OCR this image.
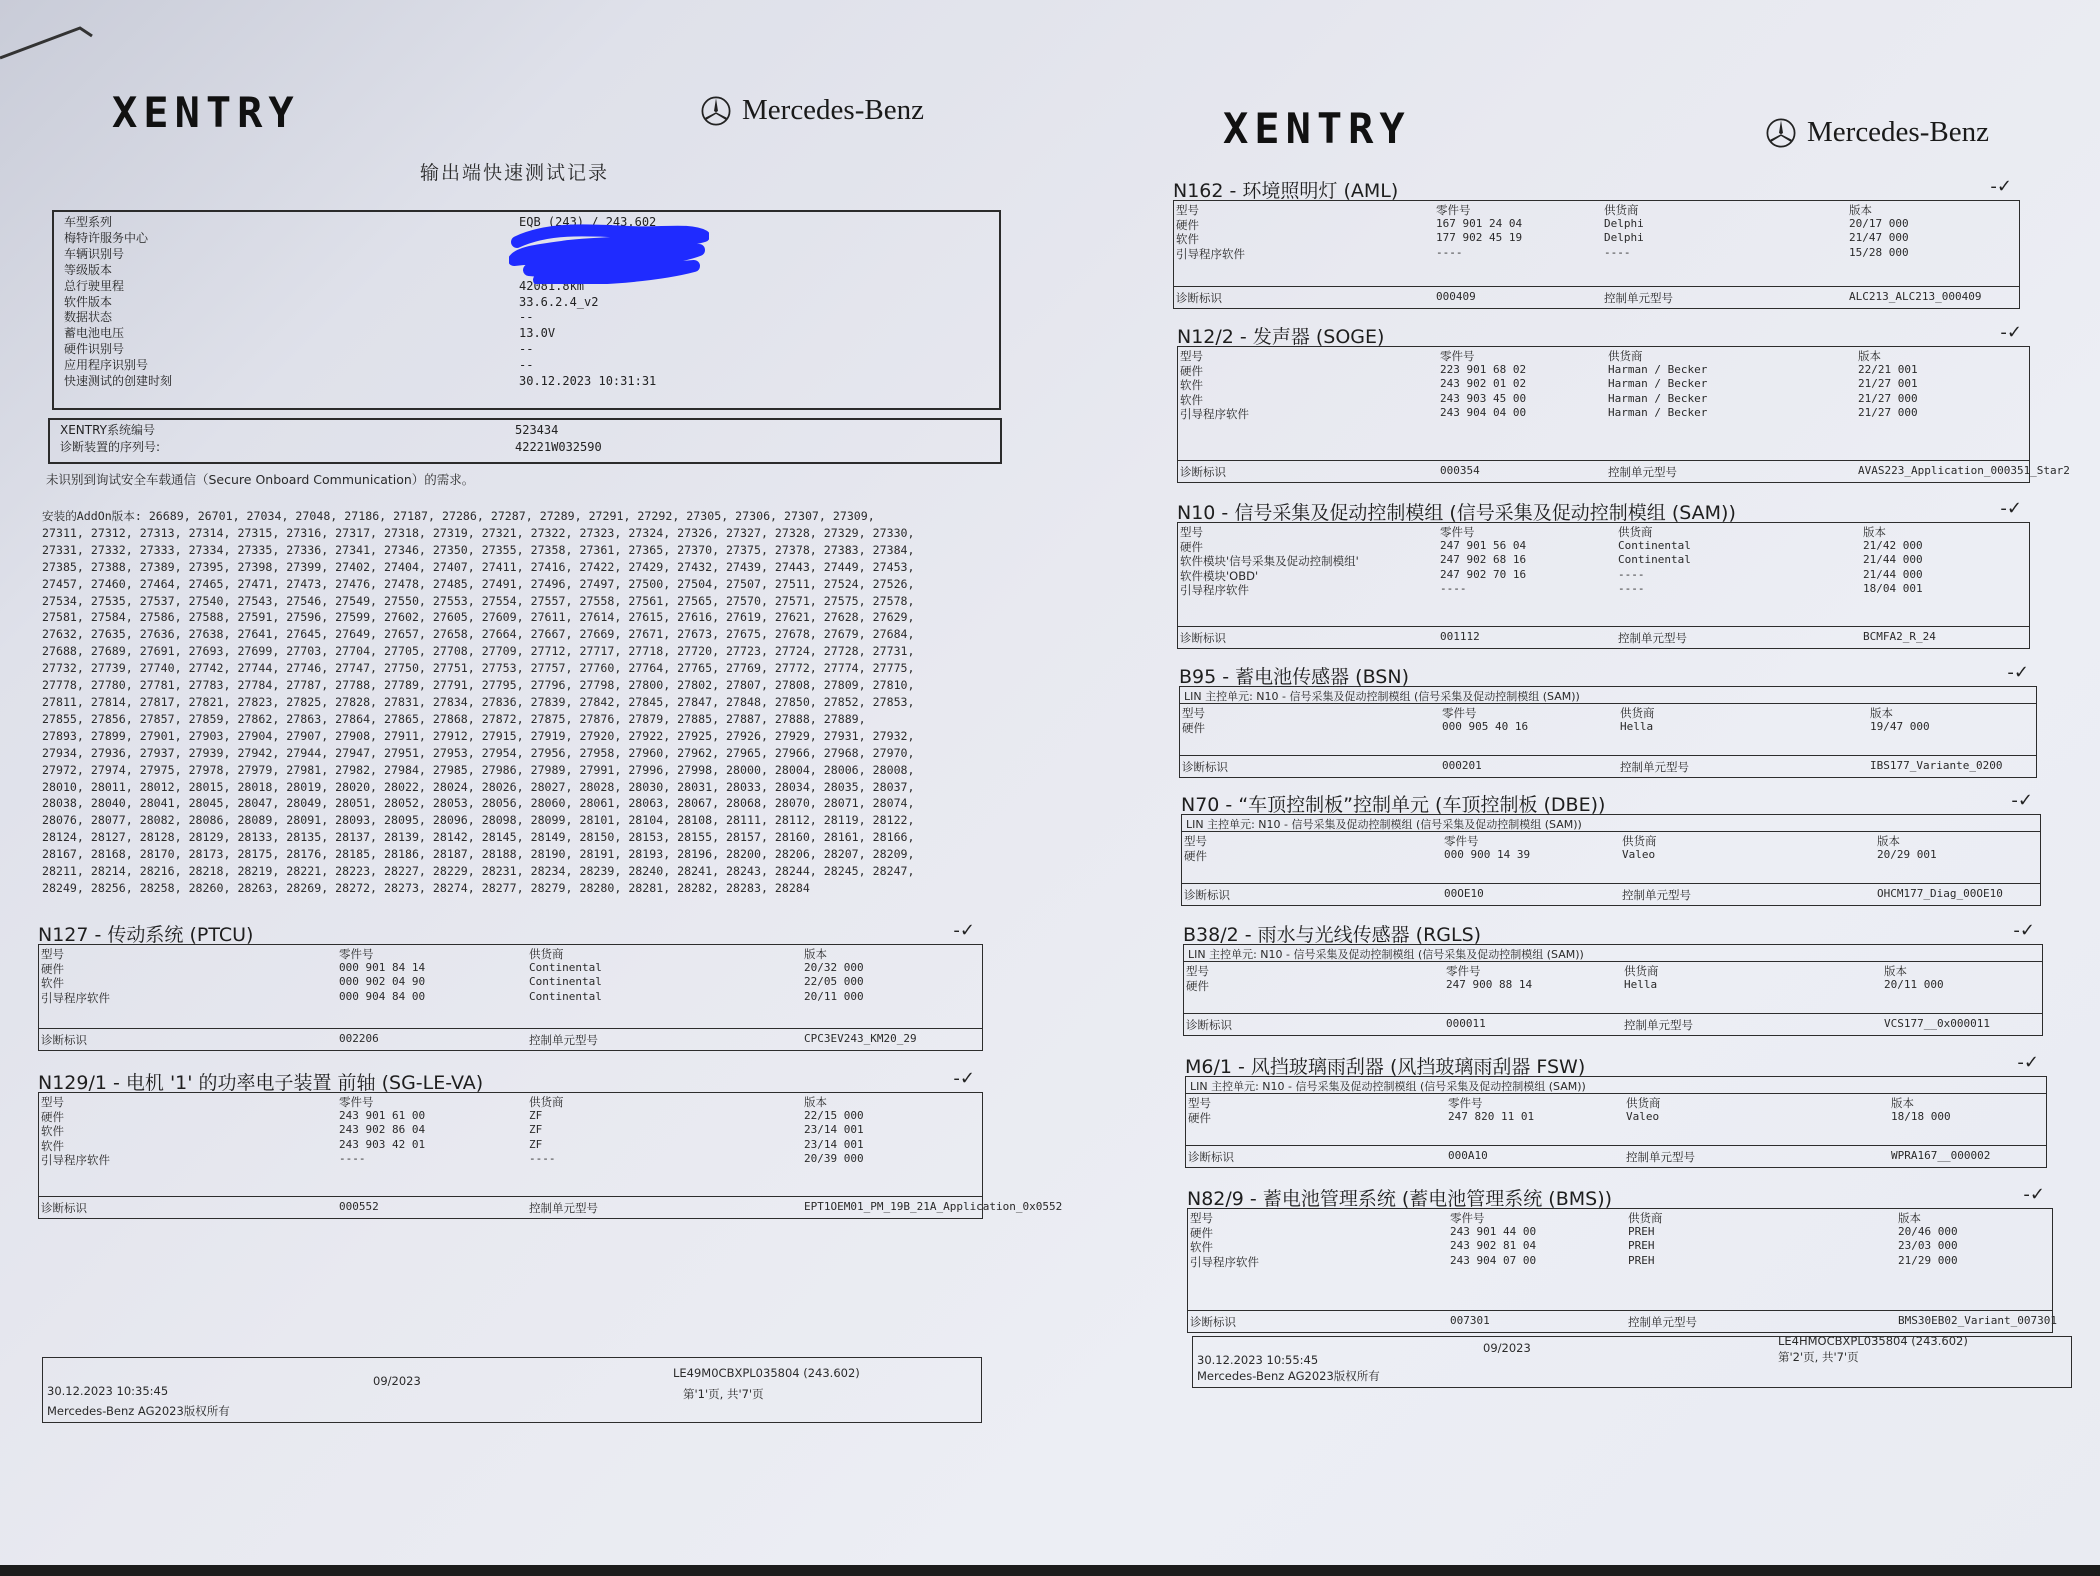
XENTRY	Mercedes-Benz
输出端快速测试记录
快速测试的创建时刻	30.12.2023 10:31:31
应用程序识别号	--
硬件识别号	--
蓄电池电压	13.0V
数据状态	--
软件版本	33.6.2.4_v2
总行驶里程	42081.8km
等级版本
车辆识别号
梅特许服务中心
车型系列	EQB (243) / 243.602
XENTRY系统编号	523434
诊断装置的序列号:	42221W032590
未识别到询试安全车载通信（Secure Onboard Communication）的需求。
安装的AddOn版本: 26689, 26701, 27034, 27048, 27186, 27187, 27286, 27287, 27289, 27291, 27292, 27305, 27306, 27307, 27309,
27311, 27312, 27313, 27314, 27315, 27316, 27317, 27318, 27319, 27321, 27322, 27323, 27324, 27326, 27327, 27328, 27329, 27330,
27331, 27332, 27333, 27334, 27335, 27336, 27341, 27346, 27350, 27355, 27358, 27361, 27365, 27370, 27375, 27378, 27383, 27384,
27385, 27388, 27389, 27395, 27398, 27399, 27402, 27404, 27407, 27411, 27416, 27422, 27429, 27432, 27439, 27443, 27449, 27453,
27457, 27460, 27464, 27465, 27471, 27473, 27476, 27478, 27485, 27491, 27496, 27497, 27500, 27504, 27507, 27511, 27524, 27526,
27534, 27535, 27537, 27540, 27543, 27546, 27549, 27550, 27553, 27554, 27557, 27558, 27561, 27565, 27570, 27571, 27575, 27578,
27581, 27584, 27586, 27588, 27591, 27596, 27599, 27602, 27605, 27609, 27611, 27614, 27615, 27616, 27619, 27621, 27628, 27629,
27632, 27635, 27636, 27638, 27641, 27645, 27649, 27657, 27658, 27664, 27667, 27669, 27671, 27673, 27675, 27678, 27679, 27684,
27688, 27689, 27691, 27693, 27699, 27703, 27704, 27705, 27708, 27709, 27712, 27717, 27718, 27720, 27723, 27724, 27728, 27731,
27732, 27739, 27740, 27742, 27744, 27746, 27747, 27750, 27751, 27753, 27757, 27760, 27764, 27765, 27769, 27772, 27774, 27775,
27778, 27780, 27781, 27783, 27784, 27787, 27788, 27789, 27791, 27795, 27796, 27798, 27800, 27802, 27807, 27808, 27809, 27810,
27811, 27814, 27817, 27821, 27823, 27825, 27828, 27831, 27834, 27836, 27839, 27842, 27845, 27847, 27848, 27850, 27852, 27853,
27855, 27856, 27857, 27859, 27862, 27863, 27864, 27865, 27868, 27872, 27875, 27876, 27879, 27885, 27887, 27888, 27889,
27893, 27899, 27901, 27903, 27904, 27907, 27908, 27911, 27912, 27915, 27919, 27920, 27922, 27925, 27926, 27929, 27931, 27932,
27934, 27936, 27937, 27939, 27942, 27944, 27947, 27951, 27953, 27954, 27956, 27958, 27960, 27962, 27965, 27966, 27968, 27970,
27972, 27974, 27975, 27978, 27979, 27981, 27982, 27984, 27985, 27986, 27989, 27991, 27996, 27998, 28000, 28004, 28006, 28008,
28010, 28011, 28012, 28015, 28018, 28019, 28020, 28022, 28024, 28026, 28027, 28028, 28030, 28031, 28033, 28034, 28035, 28037,
28038, 28040, 28041, 28045, 28047, 28049, 28051, 28052, 28053, 28056, 28060, 28061, 28063, 28067, 28068, 28070, 28071, 28074,
28076, 28077, 28082, 28086, 28089, 28091, 28093, 28095, 28096, 28098, 28099, 28101, 28104, 28108, 28111, 28112, 28119, 28122,
28124, 28127, 28128, 28129, 28133, 28135, 28137, 28139, 28142, 28145, 28149, 28150, 28153, 28155, 28157, 28160, 28161, 28166,
28167, 28168, 28170, 28173, 28175, 28176, 28185, 28186, 28187, 28188, 28190, 28191, 28193, 28196, 28200, 28206, 28207, 28209,
28211, 28214, 28216, 28218, 28219, 28221, 28223, 28227, 28229, 28231, 28234, 28239, 28240, 28241, 28243, 28244, 28245, 28247,
28249, 28256, 28258, 28260, 28263, 28269, 28272, 28273, 28274, 28277, 28279, 28280, 28281, 28282, 28283, 28284
N127 - 传动系统 (PTCU)	-✓
型号	零件号	供货商	版本
硬件	000 901 84 14	Continental	20/32 000
软件	000 902 04 90	Continental	22/05 000
引导程序软件	000 904 84 00	Continental	20/11 000
诊断标识	002206	控制单元型号	CPC3EV243_KM20_29
N129/1 - 电机 '1' 的功率电子装置 前轴 (SG-LE-VA)	-✓
型号	零件号	供货商	版本
硬件	243 901 61 00	ZF	22/15 000
软件	243 902 86 04	ZF	23/14 001
软件	243 903 42 01	ZF	23/14 001
引导程序软件	----	----	20/39 000
诊断标识	000552	控制单元型号	EPT1OEM01_PM_19B_21A_Application_0x0552
30.12.2023 10:35:45
09/2023
LE49M0CBXPL035804 (243.602)
第'1'页, 共'7'页
Mercedes-Benz AG2023版权所有
XENTRY	Mercedes-Benz
N162 - 环境照明灯 (AML)	-✓
型号	零件号	供货商	版本
硬件	167 901 24 04	Delphi	20/17 000
软件	177 902 45 19	Delphi	21/47 000
引导程序软件	----	----	15/28 000
诊断标识	000409	控制单元型号	ALC213_ALC213_000409
N12/2 - 发声器 (SOGE)	-✓
型号	零件号	供货商	版本
硬件	223 901 68 02	Harman / Becker	22/21 001
软件	243 902 01 02	Harman / Becker	21/27 001
软件	243 903 45 00	Harman / Becker	21/27 000
引导程序软件	243 904 04 00	Harman / Becker	21/27 000
诊断标识	000354	控制单元型号	AVAS223_Application_000351_Star2
N10 - 信号采集及促动控制模组 (信号采集及促动控制模组 (SAM))	-✓
型号	零件号	供货商	版本
硬件	247 901 56 04	Continental	21/42 000
软件模块'信号采集及促动控制模组'	247 902 68 16	Continental	21/44 000
软件模块'OBD'	247 902 70 16	----	21/44 000
引导程序软件	----	----	18/04 001
诊断标识	001112	控制单元型号	BCMFA2_R_24
B95 - 蓄电池传感器 (BSN)	-✓
LIN 主控单元: N10 - 信号采集及促动控制模组 (信号采集及促动控制模组 (SAM))
型号	零件号	供货商	版本
硬件	000 905 40 16	Hella	19/47 000
诊断标识	000201	控制单元型号	IBS177_Variante_0200
N70 - “车顶控制板”控制单元 (车顶控制板 (DBE))	-✓
LIN 主控单元: N10 - 信号采集及促动控制模组 (信号采集及促动控制模组 (SAM))
型号	零件号	供货商	版本
硬件	000 900 14 39	Valeo	20/29 001
诊断标识	00OE10	控制单元型号	OHCM177_Diag_00OE10
B38/2 - 雨水与光线传感器 (RGLS)	-✓
LIN 主控单元: N10 - 信号采集及促动控制模组 (信号采集及促动控制模组 (SAM))
型号	零件号	供货商	版本
硬件	247 900 88 14	Hella	20/11 000
诊断标识	000011	控制单元型号	VCS177__0x000011
M6/1 - 风挡玻璃雨刮器 (风挡玻璃雨刮器 FSW)	-✓
LIN 主控单元: N10 - 信号采集及促动控制模组 (信号采集及促动控制模组 (SAM))
型号	零件号	供货商	版本
硬件	247 820 11 01	Valeo	18/18 000
诊断标识	000A10	控制单元型号	WPRA167__000002
N82/9 - 蓄电池管理系统 (蓄电池管理系统 (BMS))	-✓
型号	零件号	供货商	版本
硬件	243 901 44 00	PREH	20/46 000
软件	243 902 81 04	PREH	23/03 000
引导程序软件	243 904 07 00	PREH	21/29 000
诊断标识	007301	控制单元型号	BMS30EB02_Variant_007301
30.12.2023 10:55:45
09/2023	LE4HMOCBXPL035804 (243.602)
第'2'页, 共'7'页
Mercedes-Benz AG2023版权所有
